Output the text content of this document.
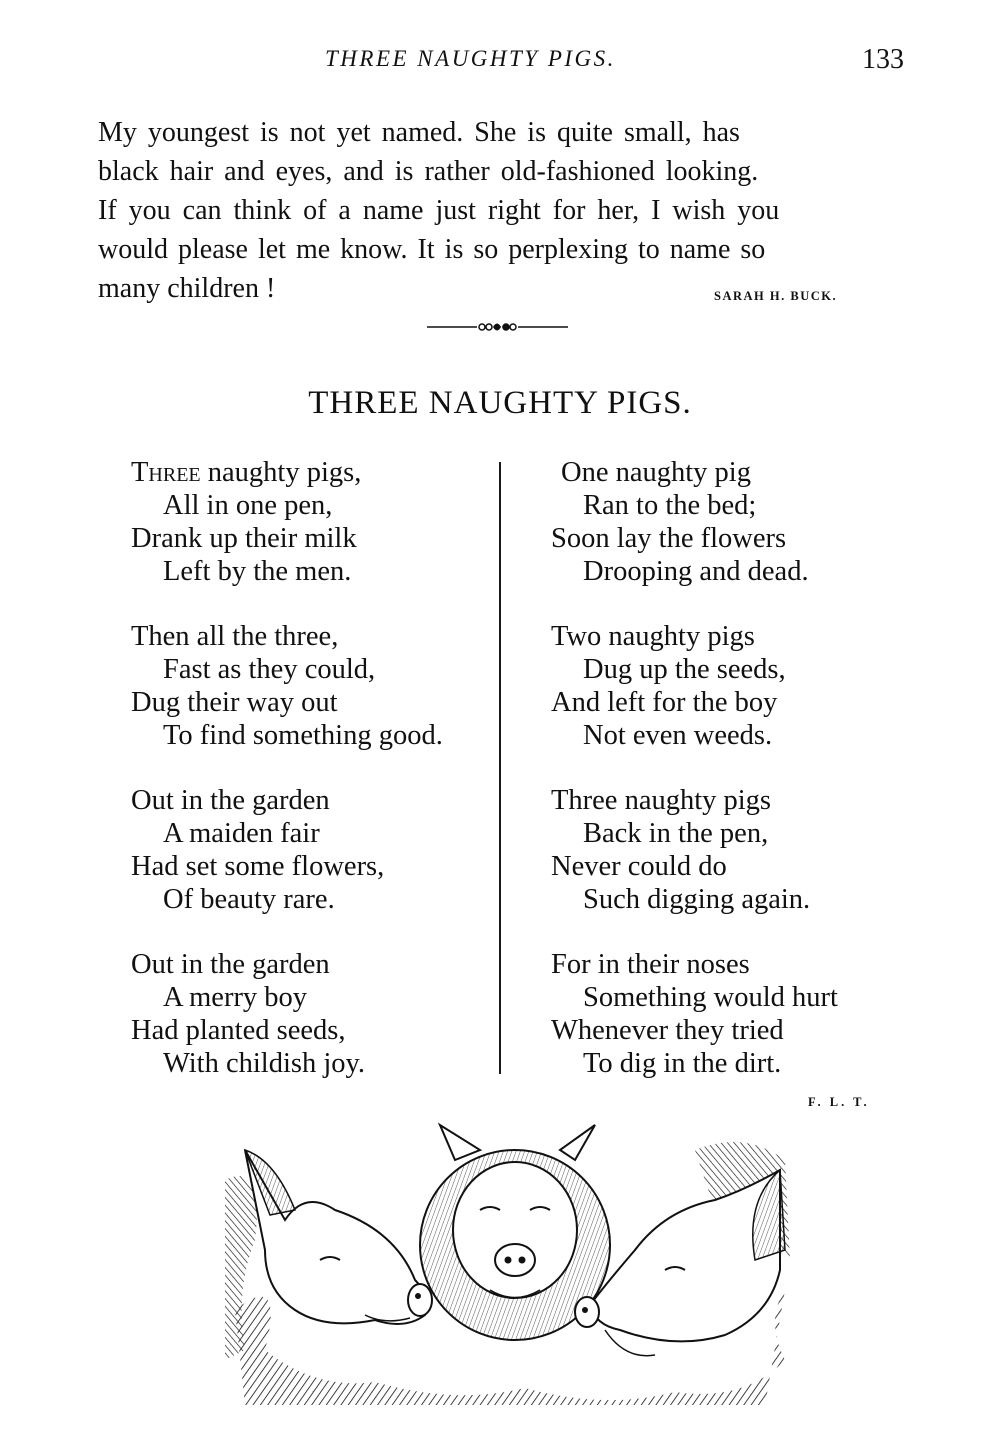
THREE NAUGHTY PIGS.	133
My youngest is not yet named. She is quite small, has
black hair and eyes, and is rather old-fashioned looking.
If you can think of a name just right for her, I wish you
would please let me know. It is so perplexing to name so
many children !	SARAH H. BUCK.
THREE NAUGHTY PIGS.
Three naughty pigs,
All in one pen,
Drank up their milk
Left by the men.
Then all the three,
Fast as they could,
Dug their way out
To find something good.
Out in the garden
A maiden fair
Had set some flowers,
Of beauty rare.
Out in the garden
A merry boy
Had planted seeds,
With childish joy.
One naughty pig
Ran to the bed;
Soon lay the flowers
Drooping and dead.
Two naughty pigs
Dug up the seeds,
And left for the boy
Not even weeds.
Three naughty pigs
Back in the pen,
Never could do
Such digging again.
For in their noses
Something would hurt
Whenever they tried
To dig in the dirt.
F. L. T.
